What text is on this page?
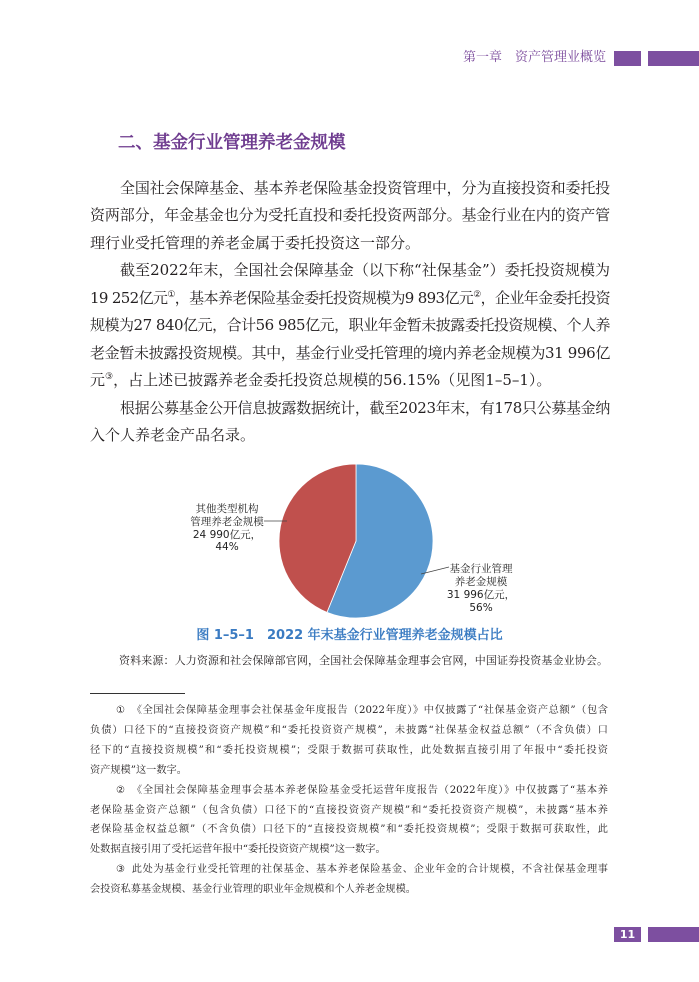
第一章　资产管理业概览
二、基金行业管理养老金规模
全国社会保障基金、基本养老保险基金投资管理中，分为直接投资和委托投
资两部分，年金基金也分为受托直投和委托投资两部分。基金行业在内的资产管
理行业受托管理的养老金属于委托投资这一部分。
截至2022年末，全国社会保障基金（以下称“社保基金”）委托投资规模为
19 252亿元①，基本养老保险基金委托投资规模为9 893亿元②，企业年金委托投资
规模为27 840亿元，合计56 985亿元，职业年金暂未披露委托投资规模、个人养
老金暂未披露投资规模。其中，基金行业受托管理的境内养老金规模为31 996亿
元③，占上述已披露养老金委托投资总规模的56.15%（见图1–5–1）。
根据公募基金公开信息披露数据统计，截至2023年末，有178只公募基金纳
入个人养老金产品名录。
其他类型机构
管理养老金规模
24 990亿元，
44%
基金行业管理
养老金规模
31 996亿元，
56%
图 1–5–1　2022 年末基金行业管理养老金规模占比
资料来源：人力资源和社会保障部官网，全国社会保障基金理事会官网，中国证券投资基金业协会。
① 《全国社会保障基金理事会社保基金年度报告（2022年度）》中仅披露了“社保基金资产总额”（包含
负债）口径下的“直接投资资产规模”和“委托投资资产规模”，未披露“社保基金权益总额”（不含负债）口
径下的“直接投资规模”和“委托投资规模”；受限于数据可获取性，此处数据直接引用了年报中“委托投资
资产规模”这一数字。
② 《全国社会保障基金理事会基本养老保险基金受托运营年度报告（2022年度）》中仅披露了“基本养
老保险基金资产总额”（包含负债）口径下的“直接投资资产规模”和“委托投资资产规模”，未披露“基本养
老保险基金权益总额”（不含负债）口径下的“直接投资规模”和“委托投资规模”；受限于数据可获取性，此
处数据直接引用了受托运营年报中“委托投资资产规模”这一数字。
③ 此处为基金行业受托管理的社保基金、基本养老保险基金、企业年金的合计规模，不含社保基金理事
会投资私募基金规模、基金行业管理的职业年金规模和个人养老金规模。
11
